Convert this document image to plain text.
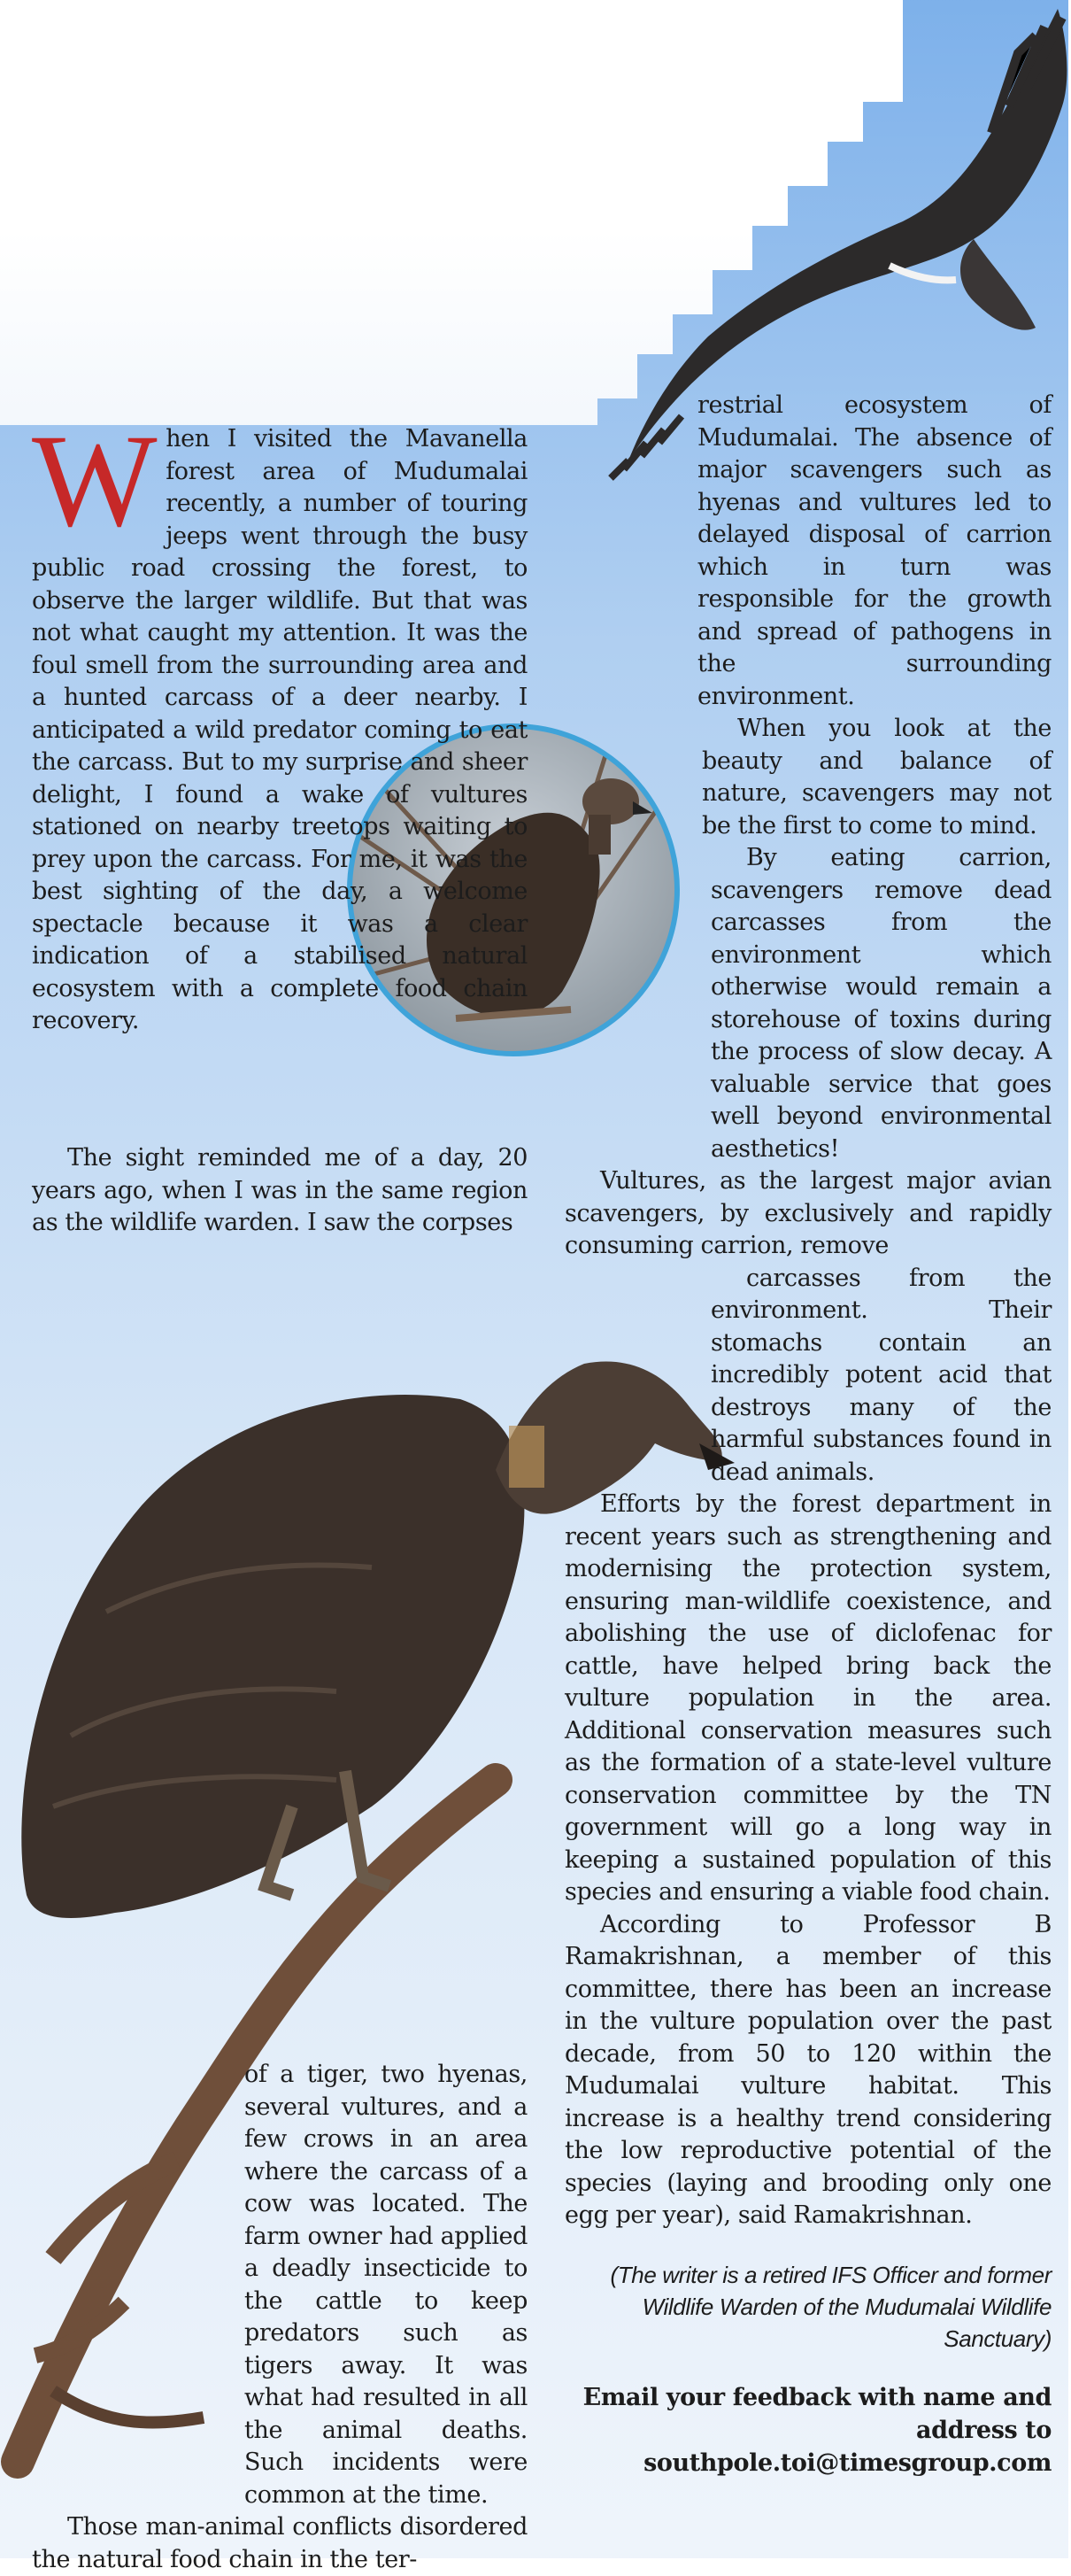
When I visited the Mavanella forest area of Mudumalai recently, a number of touring jeeps went through the busy public road crossing the forest, to observe the larger wildlife. But that was not what caught my attention. It was the foul smell from the surrounding area and a hunted carcass of a deer nearby. I anticipated a wild predator coming to eat the carcass. But to my surprise and sheer delight, I found a wake of vultures stationed on nearby treetops waiting to prey upon the carcass. For me, it was the best sighting of the day, a welcome spectacle because it was a clear indication of a stabilised natural ecosystem with a complete food chain recovery.

The sight reminded me of a day, 20 years ago, when I was in the same region as the wildlife warden. I saw the corpses

of a tiger, two hyenas, several vultures, and a few crows in an area where the carcass of a cow was located. The farm owner had applied a deadly insecticide to the cattle to keep predators such as tigers away. It was what had resulted in all the animal deaths. Such incidents were common at the time.

Those man-animal conflicts disordered the natural food chain in the ter-

restrial ecosystem of Mudumalai. The absence of major scavengers such as hyenas and vultures led to delayed disposal of carrion which in turn was responsible for the growth and spread of pathogens in the surrounding environment.

When you look at the beauty and balance of nature, scavengers may not be the first to come to mind.

By eating carrion, scavengers remove dead carcasses from the environment which otherwise would remain a storehouse of toxins during the process of slow decay. A valuable service that goes well beyond environmental aesthetics!

Vultures, as the largest major avian scavengers, by exclusively and rapidly consuming carrion, remove

carcasses from the environment. Their stomachs contain an incredibly potent acid that destroys many of the harmful substances found in dead animals.

Efforts by the forest department in recent years such as strengthening and modernising the protection system, ensuring man-wildlife coexistence, and abolishing the use of diclofenac for cattle, have helped bring back the vulture population in the area. Additional conservation measures such as the formation of a state-level vulture conservation committee by the TN government will go a long way in keeping a sustained population of this species and ensuring a viable food chain.

According to Professor B Ramakrishnan, a member of this committee, there has been an increase in the vulture population over the past decade, from 50 to 120 within the Mudumalai vulture habitat. This increase is a healthy trend considering the low reproductive potential of the species (laying and brooding only one egg per year), said Ramakrishnan.

(The writer is a retired IFS Officer and former Wildlife Warden of the Mudumalai Wildlife Sanctuary)

Email your feedback with name and address to southpole.toi@timesgroup.com
